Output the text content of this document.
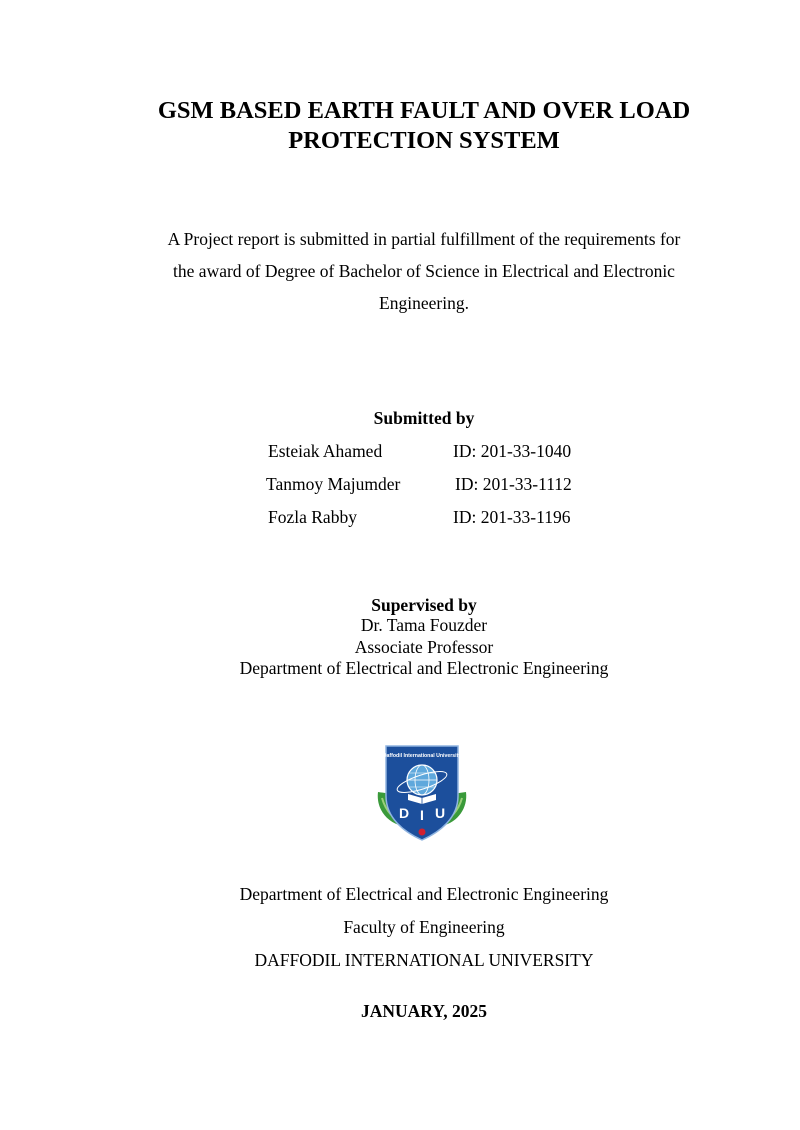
GSM BASED EARTH FAULT AND OVER LOAD
PROTECTION SYSTEM
A Project report is submitted in partial fulfillment of the requirements for
the award of Degree of Bachelor of Science in Electrical and Electronic
Engineering.
Submitted by
Esteiak Ahamed	ID: 201-33-1040
Tanmoy Majumder	ID: 201-33-1112
Fozla Rabby	ID: 201-33-1196
Supervised by
Dr. Tama Fouzder
Associate Professor
Department of Electrical and Electronic Engineering
Daffodil International University
D I U
Department of Electrical and Electronic Engineering
Faculty of Engineering
DAFFODIL INTERNATIONAL UNIVERSITY
JANUARY, 2025
